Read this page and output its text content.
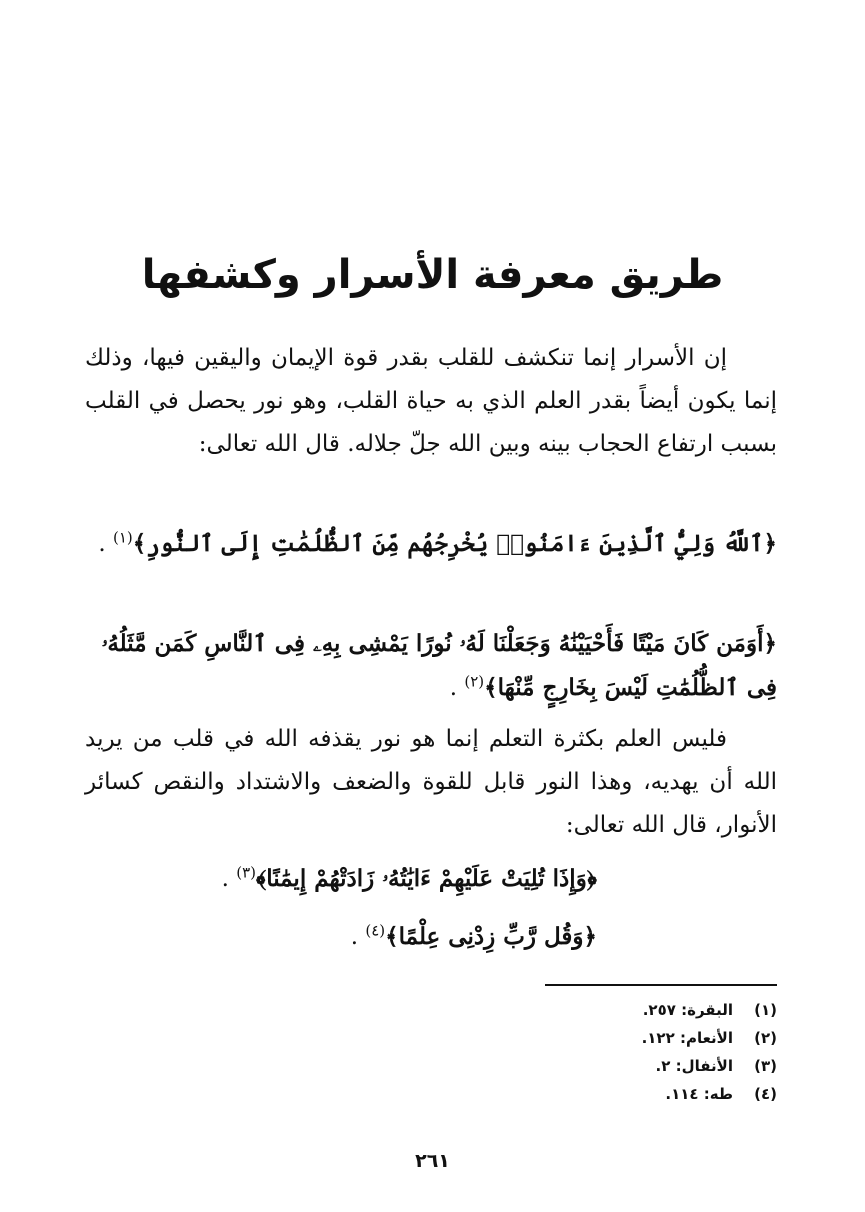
طريق معرفة الأسرار وكشفها

إن الأسرار إنما تنكشف للقلب بقدر قوة الإيمان واليقين فيها، وذلك إنما يكون أيضاً بقدر العلم الذي به حياة القلب، وهو نور يحصل في القلب بسبب ارتفاع الحجاب بينه وبين الله جلّ جلاله. قال الله تعالى:

﴿ٱللَّهُ وَلِيُّ ٱلَّذِينَ ءَامَنُوا۟ يُخْرِجُهُم مِّنَ ٱلظُّلُمَٰتِ إِلَى ٱلنُّورِ﴾$^{(١)}$ .

﴿أَوَمَن كَانَ مَيْتًا فَأَحْيَيْنَٰهُ وَجَعَلْنَا لَهُۥ نُورًا يَمْشِى بِهِۦ فِى ٱلنَّاسِ كَمَن مَّثَلُهُۥ فِى ٱلظُّلُمَٰتِ لَيْسَ بِخَارِجٍ مِّنْهَا﴾$^{(٢)}$ .

فليس العلم بكثرة التعلم إنما هو نور يقذفه الله في قلب من يريد الله أن يهديه، وهذا النور قابل للقوة والضعف والاشتداد والنقص كسائر الأنوار، قال الله تعالى:

﴿وَإِذَا تُلِيَتْ عَلَيْهِمْ ءَايَٰتُهُۥ زَادَتْهُمْ إِيمَٰنًا﴾$^{(٣)}$ .

﴿وَقُل رَّبِّ زِدْنِى عِلْمًا﴾$^{(٤)}$ .

(١)
البقرة: ٢٥٧.
(٢)
الأنعام: ١٢٢.
(٣)
الأنفال: ٢.
(٤)
طه: ١١٤.
٢٦١
